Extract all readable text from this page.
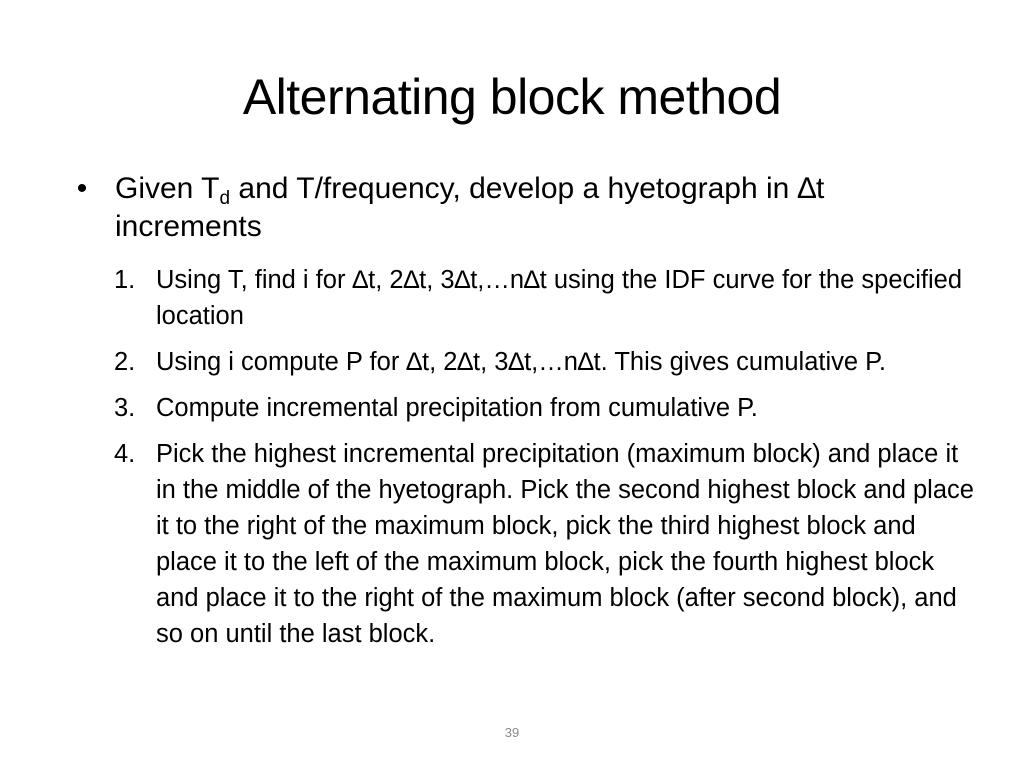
Alternating block method
• Given $T_d$ and T/frequency, develop a hyetograph in ∆t increments
1. Using T, find i for ∆t, 2∆t, 3∆t,…n∆t using the IDF curve for the specified location
2. Using i compute P for ∆t, 2∆t, 3∆t,…n∆t. This gives cumulative P.
3. Compute incremental precipitation from cumulative P.
4. Pick the highest incremental precipitation (maximum block) and place it in the middle of the hyetograph. Pick the second highest block and place it to the right of the maximum block, pick the third highest block and place it to the left of the maximum block, pick the fourth highest block and place it to the right of the maximum block (after second block), and so on until the last block.
39
